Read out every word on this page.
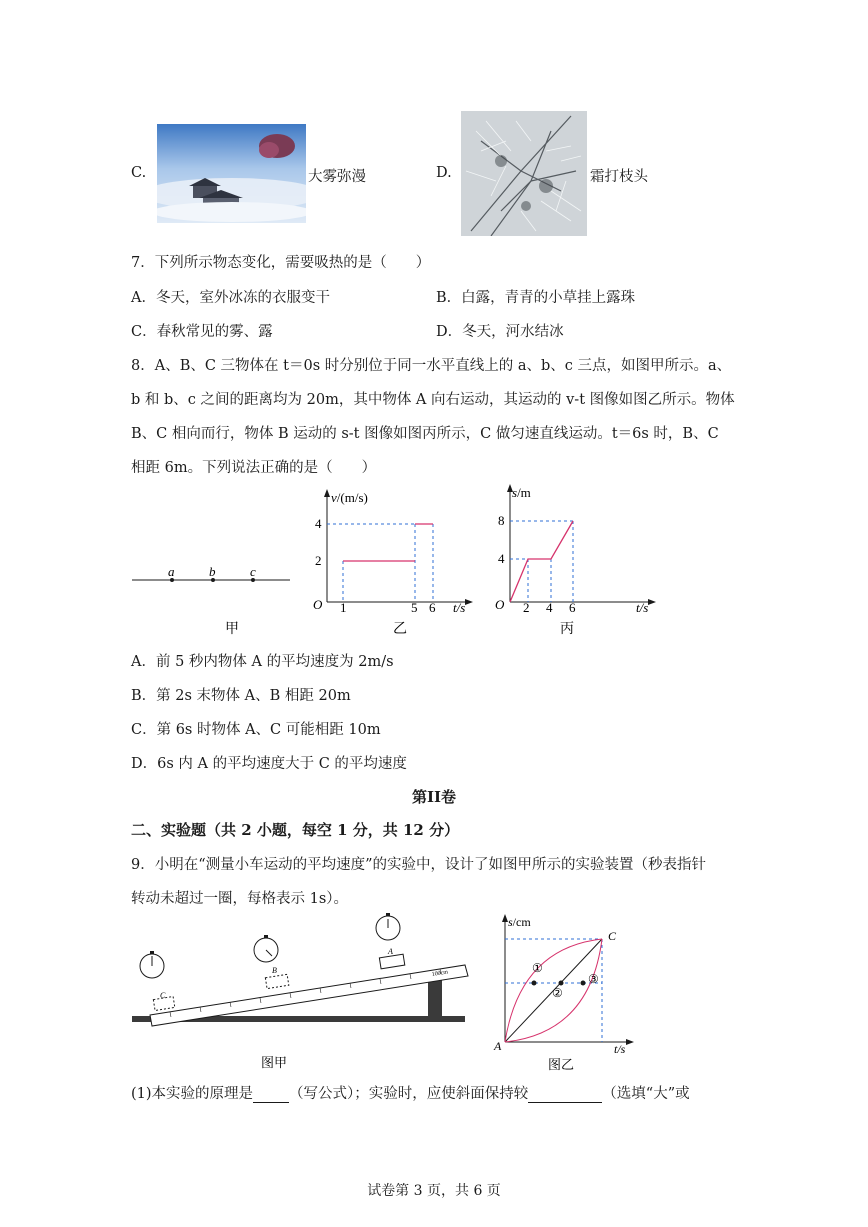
C.	大雾弥漫	D.	霜打枝头
7．下列所示物态变化，需要吸热的是（　　）
A．冬天，室外冰冻的衣服变干	B．白露，青青的小草挂上露珠
C．春秋常见的雾、露	D．冬天，河水结冰
8．A、B、C 三物体在 t＝0s 时分别位于同一水平直线上的 a、b、c 三点，如图甲所示。a、
b 和 b、c 之间的距离均为 20m，其中物体 A 向右运动，其运动的 v-t 图像如图乙所示。物体
B、C 相向而行，物体 B 运动的 s-t 图像如图丙所示，C 做匀速直线运动。t＝6s 时，B、C
相距 6m。下列说法正确的是（　　）
a	b	c
甲
v/(m/s)
O
4
2
1	5 6 t/s
乙
s/m
O
8
4
2 4 6	t/s
丙
A．前 5 秒内物体 A 的平均速度为 2m/s
B．第 2s 末物体 A、B 相距 20m
C．第 6s 时物体 A、C 可能相距 10m
D．6s 内 A 的平均速度大于 C 的平均速度
第II卷
二、实验题（共 2 小题，每空 1 分，共 12 分）
9．小明在“测量小车运动的平均速度”的实验中，设计了如图甲所示的实验装置（秒表指针
转动未超过一圈，每格表示 1s）。
100cm
C
B
A
图甲
s/cm
A
C
t/s
①
②
③
图乙
(1)本实验的原理是 （写公式）；实验时，应使斜面保持较	（选填“大”或
试卷第 3 页，共 6 页
